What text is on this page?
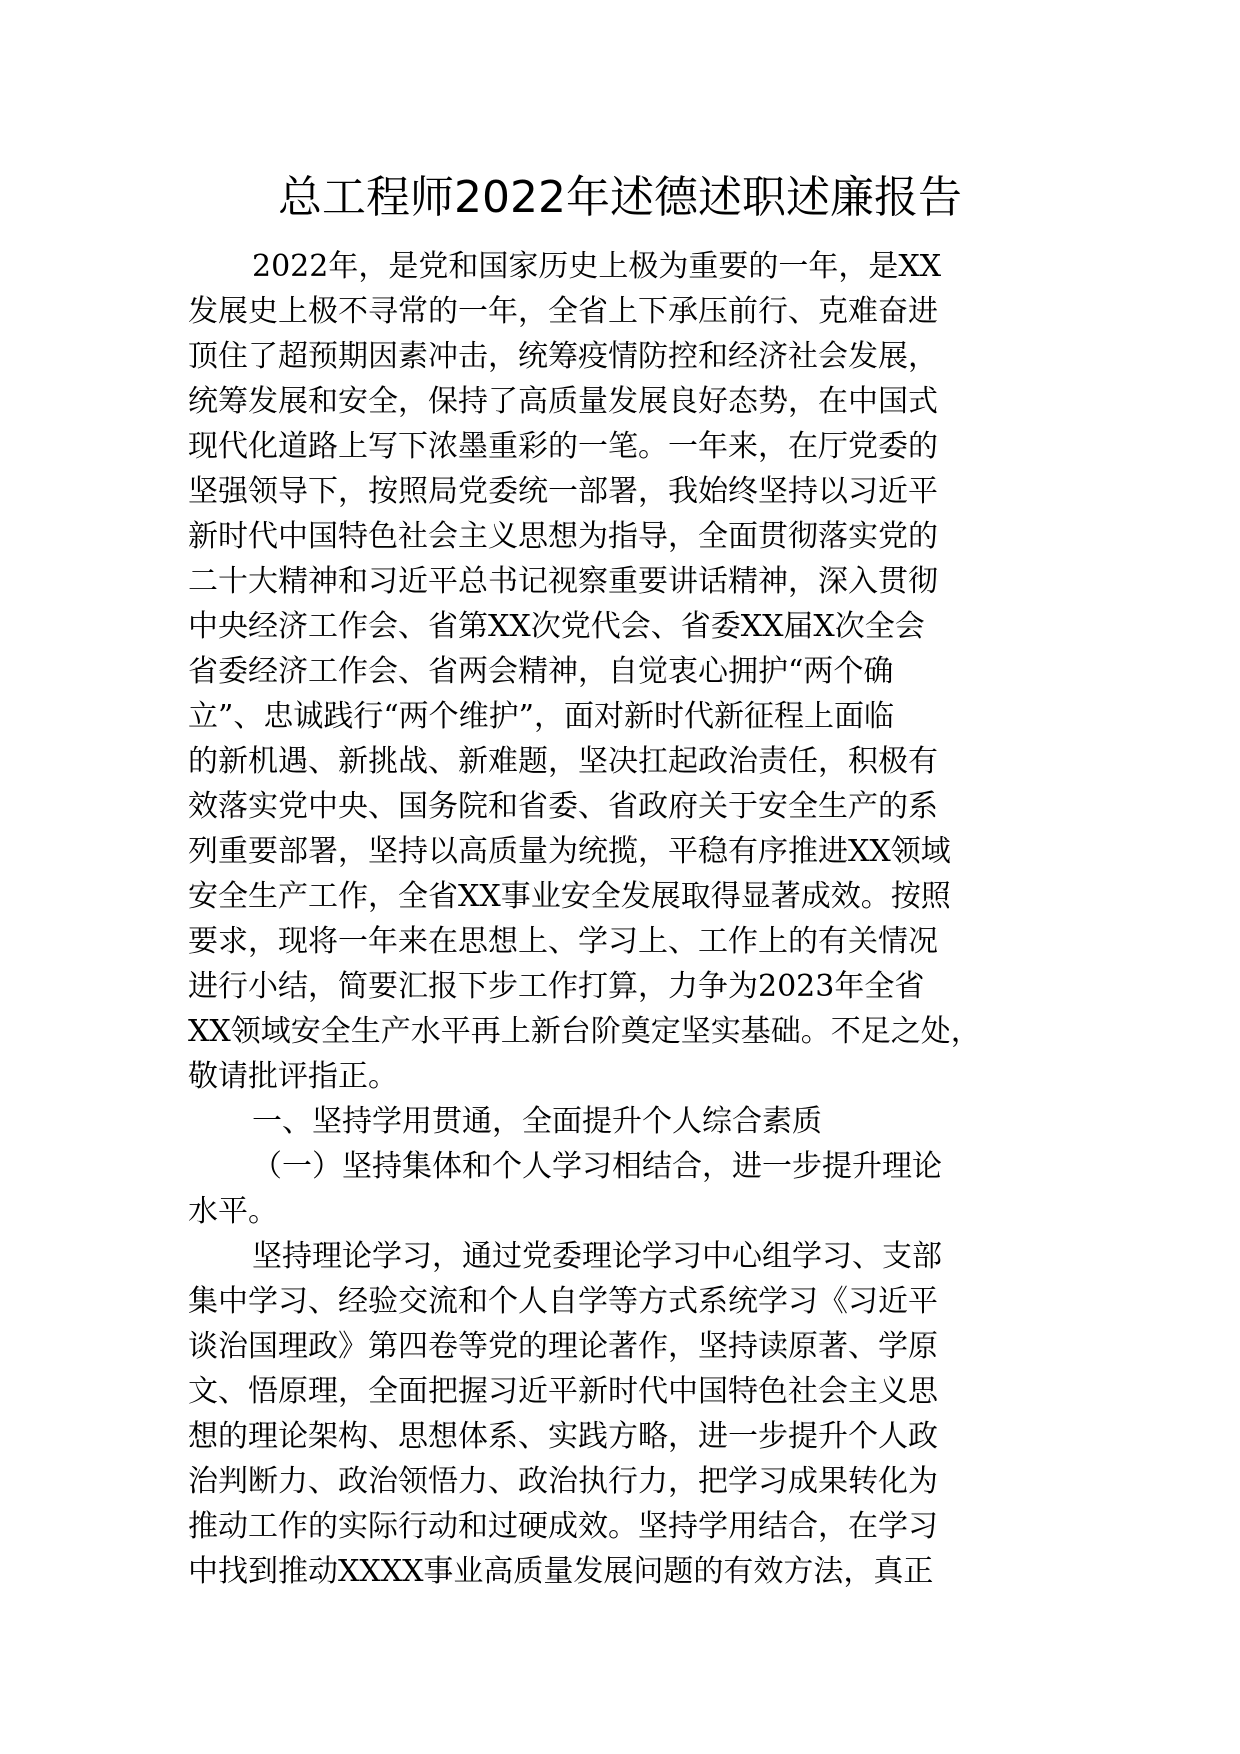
总工程师2022年述德述职述廉报告
2022年，是党和国家历史上极为重要的一年，是XX
发展史上极不寻常的一年，全省上下承压前行、克难奋进
顶住了超预期因素冲击，统筹疫情防控和经济社会发展，
统筹发展和安全，保持了高质量发展良好态势，在中国式
现代化道路上写下浓墨重彩的一笔。一年来，在厅党委的
坚强领导下，按照局党委统一部署，我始终坚持以习近平
新时代中国特色社会主义思想为指导，全面贯彻落实党的
二十大精神和习近平总书记视察重要讲话精神，深入贯彻
中央经济工作会、省第XX次党代会、省委XX届X次全会
省委经济工作会、省两会精神，自觉衷心拥护“两个确
立”、忠诚践行“两个维护”，面对新时代新征程上面临
的新机遇、新挑战、新难题，坚决扛起政治责任，积极有
效落实党中央、国务院和省委、省政府关于安全生产的系
列重要部署，坚持以高质量为统揽，平稳有序推进XX领域
安全生产工作，全省XX事业安全发展取得显著成效。按照
要求，现将一年来在思想上、学习上、工作上的有关情况
进行小结，简要汇报下步工作打算，力争为2023年全省
XX领域安全生产水平再上新台阶奠定坚实基础。不足之处，
敬请批评指正。
一、坚持学用贯通，全面提升个人综合素质
（一）坚持集体和个人学习相结合，进一步提升理论
水平。
坚持理论学习，通过党委理论学习中心组学习、支部
集中学习、经验交流和个人自学等方式系统学习《习近平
谈治国理政》第四卷等党的理论著作，坚持读原著、学原
文、悟原理，全面把握习近平新时代中国特色社会主义思
想的理论架构、思想体系、实践方略，进一步提升个人政
治判断力、政治领悟力、政治执行力，把学习成果转化为
推动工作的实际行动和过硬成效。坚持学用结合，在学习
中找到推动XXXX事业高质量发展问题的有效方法，真正
